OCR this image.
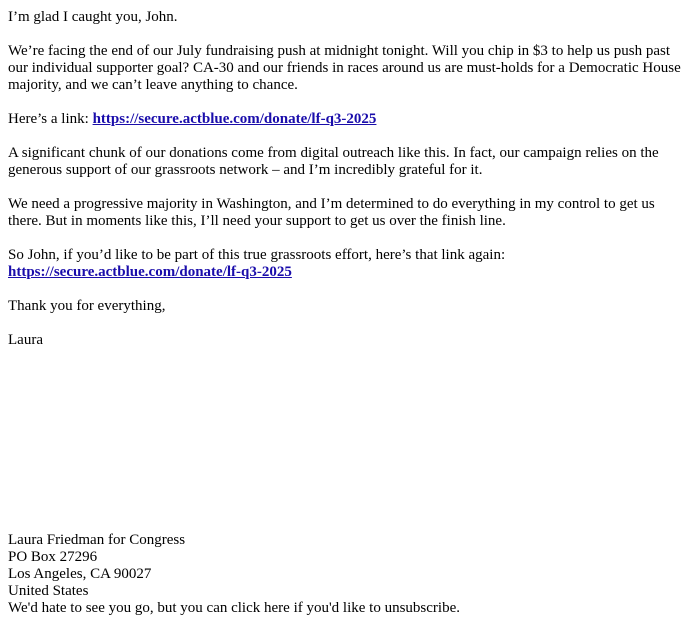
I’m glad I caught you, John.

We’re facing the end of our July fundraising push at midnight tonight. Will you chip in $3 to help us push past our individual supporter goal? CA-30 and our friends in races around us are must-holds for a Democratic House majority, and we can’t leave anything to chance.

Here’s a link: https://secure.actblue.com/donate/lf-q3-2025

A significant chunk of our donations come from digital outreach like this. In fact, our campaign relies on the generous support of our grassroots network – and I’m incredibly grateful for it.

We need a progressive majority in Washington, and I’m determined to do everything in my control to get us there. But in moments like this, I’ll need your support to get us over the finish line.

So John, if you’d like to be part of this true grassroots effort, here’s that link again:
https://secure.actblue.com/donate/lf-q3-2025

Thank you for everything,

Laura

Laura Friedman for Congress
PO Box 27296
Los Angeles, CA 90027
United States
We'd hate to see you go, but you can click here if you'd like to unsubscribe.
